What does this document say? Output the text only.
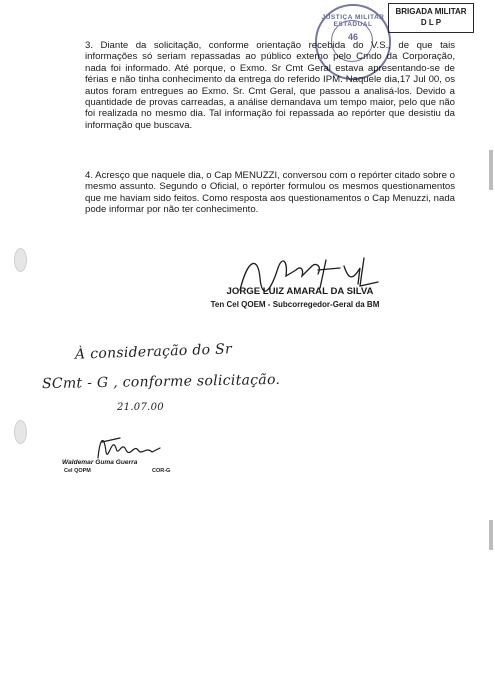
JUSTIÇA MILITAR ESTADUAL
46
BRIGADA MILITAR
D L P

3. Diante da solicitação, conforme orientação recebida do V.S., de que tais informações só seriam repassadas ao público externo pelo Cmdo da Corporação, nada foi informado. Até porque, o Exmo. Sr Cmt Geral estava apresentando-se de férias e não tinha conhecimento da entrega do referido IPM. Naquele dia,17 Jul 00, os autos foram entregues ao Exmo. Sr. Cmt Geral, que passou a analisá-los. Devido a quantidade de provas carreadas, a análise demandava um tempo maior, pelo que não foi realizada no mesmo dia. Tal informação foi repassada ao repórter que desistiu da informação que buscava.

4. Acresço que naquele dia, o Cap MENUZZI, conversou com o repórter citado sobre o mesmo assunto. Segundo o Oficial, o repórter formulou os mesmos questionamentos que me haviam sido feitos. Como resposta aos questionamentos o Cap Menuzzi, nada pode informar por não ter conhecimento.

JORGE LUIZ AMARAL DA SILVA
Ten Cel QOEM - Subcorregedor-Geral da BM
À consideração do Sr
SCmt - G , conforme solicitação.
21.07.00
Waldemar Guma Guerra
Cel QOPM	COR-G
